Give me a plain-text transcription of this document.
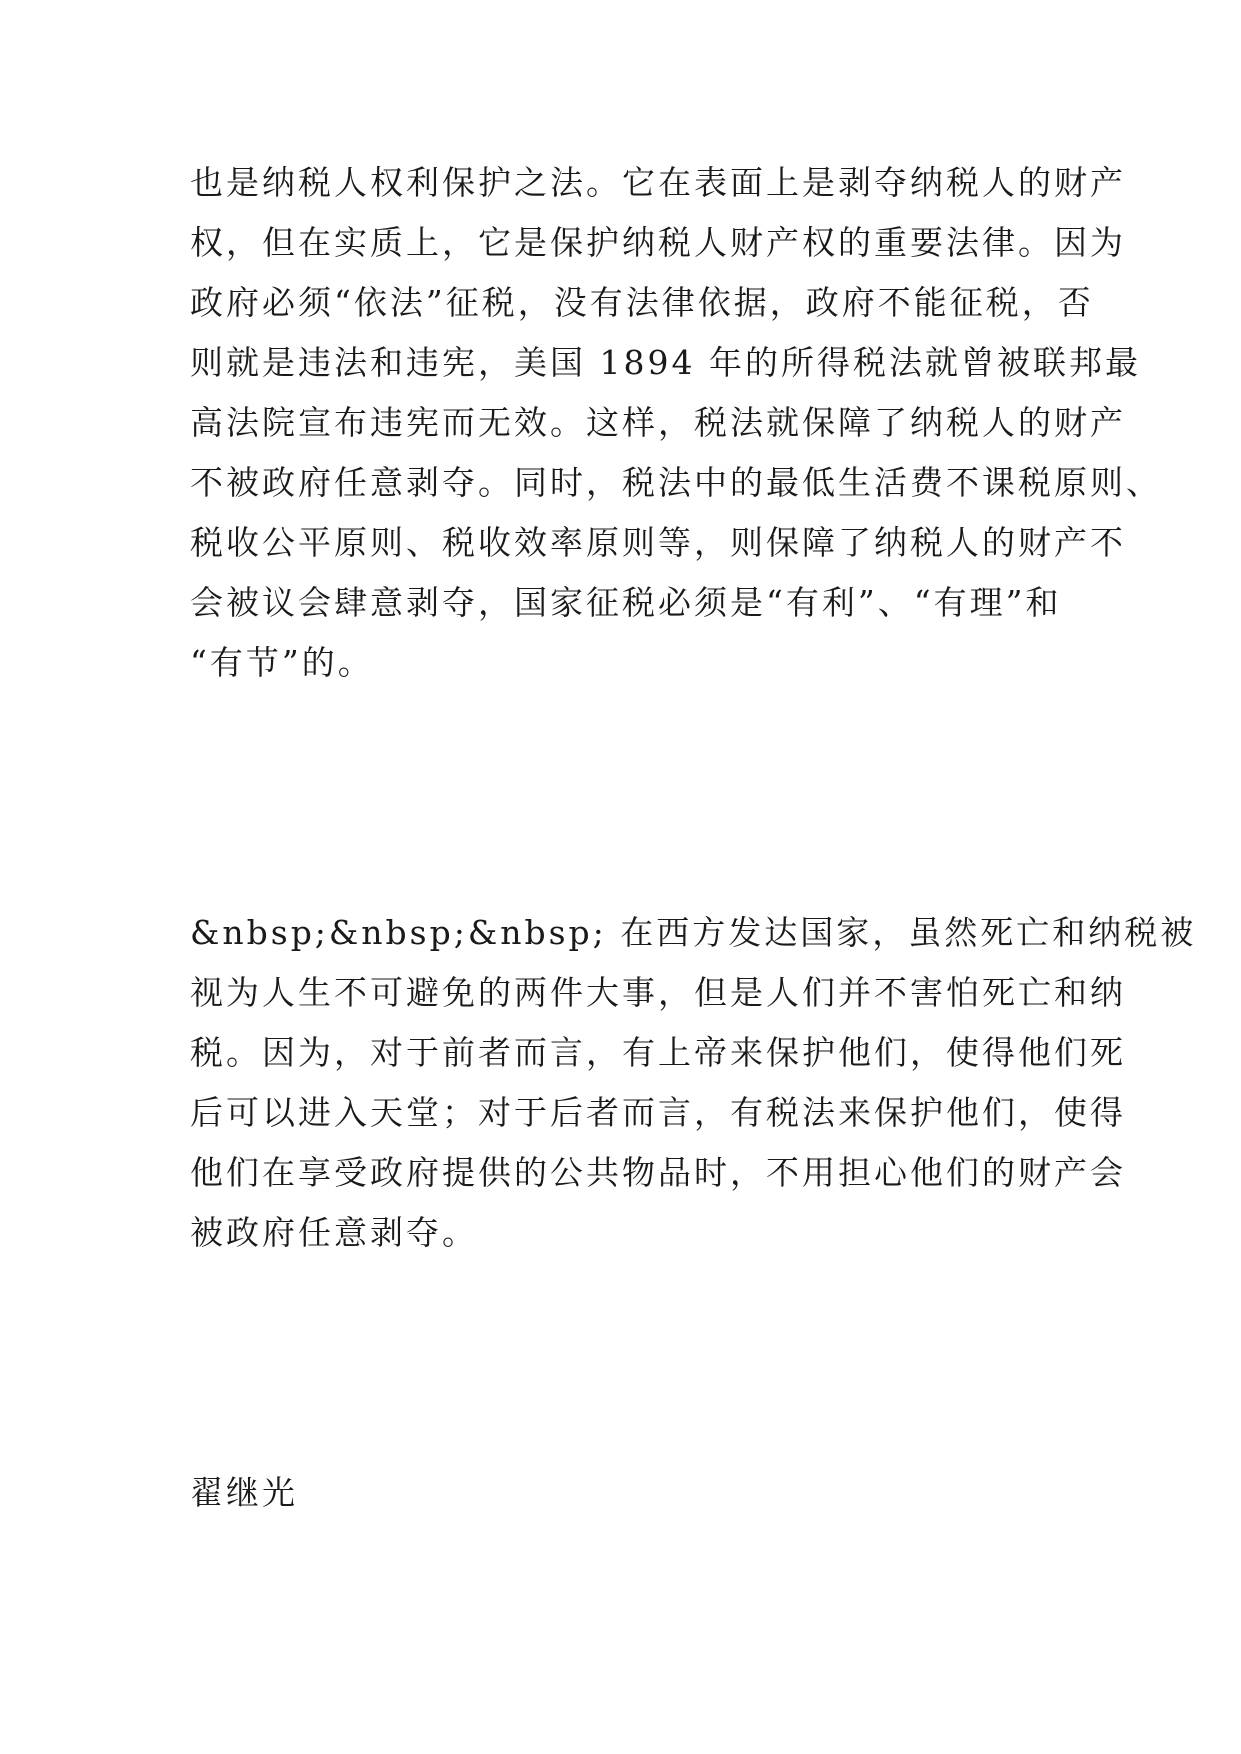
也是纳税人权利保护之法。它在表面上是剥夺纳税人的财产
权，但在实质上，它是保护纳税人财产权的重要法律。因为
政府必须“依法”征税，没有法律依据，政府不能征税，否
则就是违法和违宪，美国 1894 年的所得税法就曾被联邦最
高法院宣布违宪而无效。这样，税法就保障了纳税人的财产
不被政府任意剥夺。同时，税法中的最低生活费不课税原则、
税收公平原则、税收效率原则等，则保障了纳税人的财产不
会被议会肆意剥夺，国家征税必须是“有利”、“有理”和
“有节”的。

&nbsp;&nbsp;&nbsp; 在西方发达国家，虽然死亡和纳税被
视为人生不可避免的两件大事，但是人们并不害怕死亡和纳
税。因为，对于前者而言，有上帝来保护他们，使得他们死
后可以进入天堂；对于后者而言，有税法来保护他们，使得
他们在享受政府提供的公共物品时，不用担心他们的财产会
被政府任意剥夺。

翟继光
